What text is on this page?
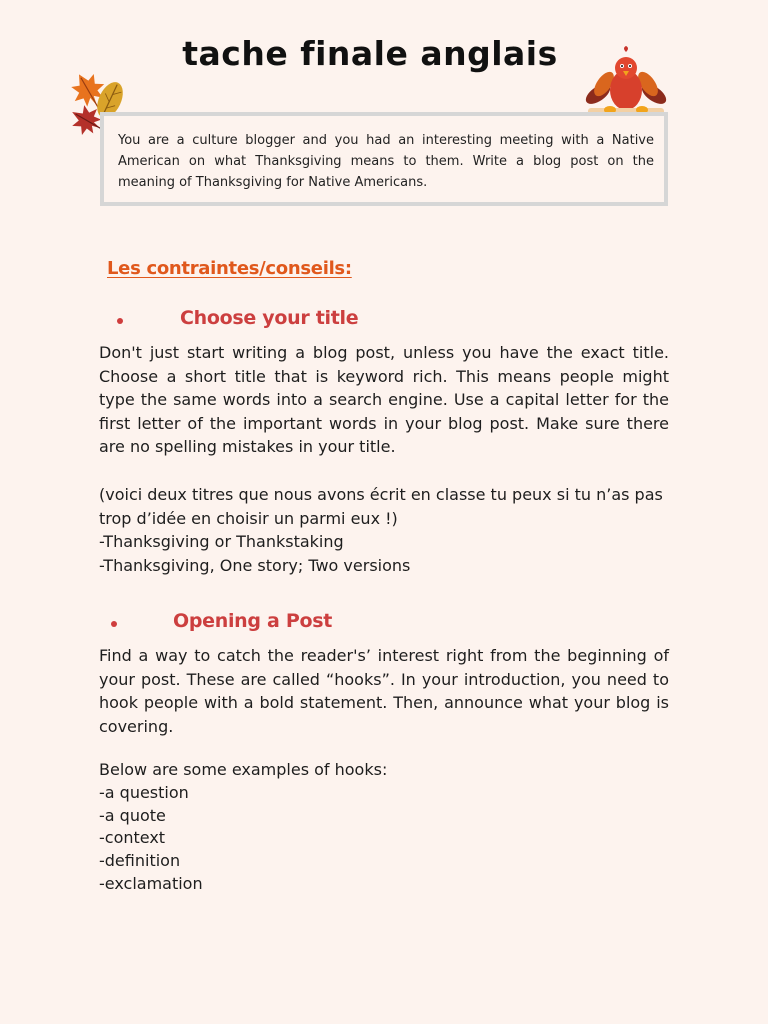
tache finale anglais
You are a culture blogger and you had an interesting meeting with a Native American on what Thanksgiving means to them. Write a blog post on the meaning of Thanksgiving for Native Americans.
Les contraintes/conseils:
Choose your title

Don't just start writing a blog post, unless you have the exact title. Choose a short title that is keyword rich. This means people might type the same words into a search engine. Use a capital letter for the first letter of the important words in your blog post. Make sure there are no spelling mistakes in your title.

(voici deux titres que nous avons écrit en classe tu peux si tu n’as pas
trop d’idée en choisir un parmi eux !)
-Thanksgiving or Thankstaking
-Thanksgiving, One story; Two versions
Opening a Post

Find a way to catch the reader's’ interest right from the beginning of your post. These are called “hooks”. In your introduction, you need to hook people with a bold statement. Then, announce what your blog is covering.

Below are some examples of hooks:
-a question
-a quote
-context
-definition
-exclamation
